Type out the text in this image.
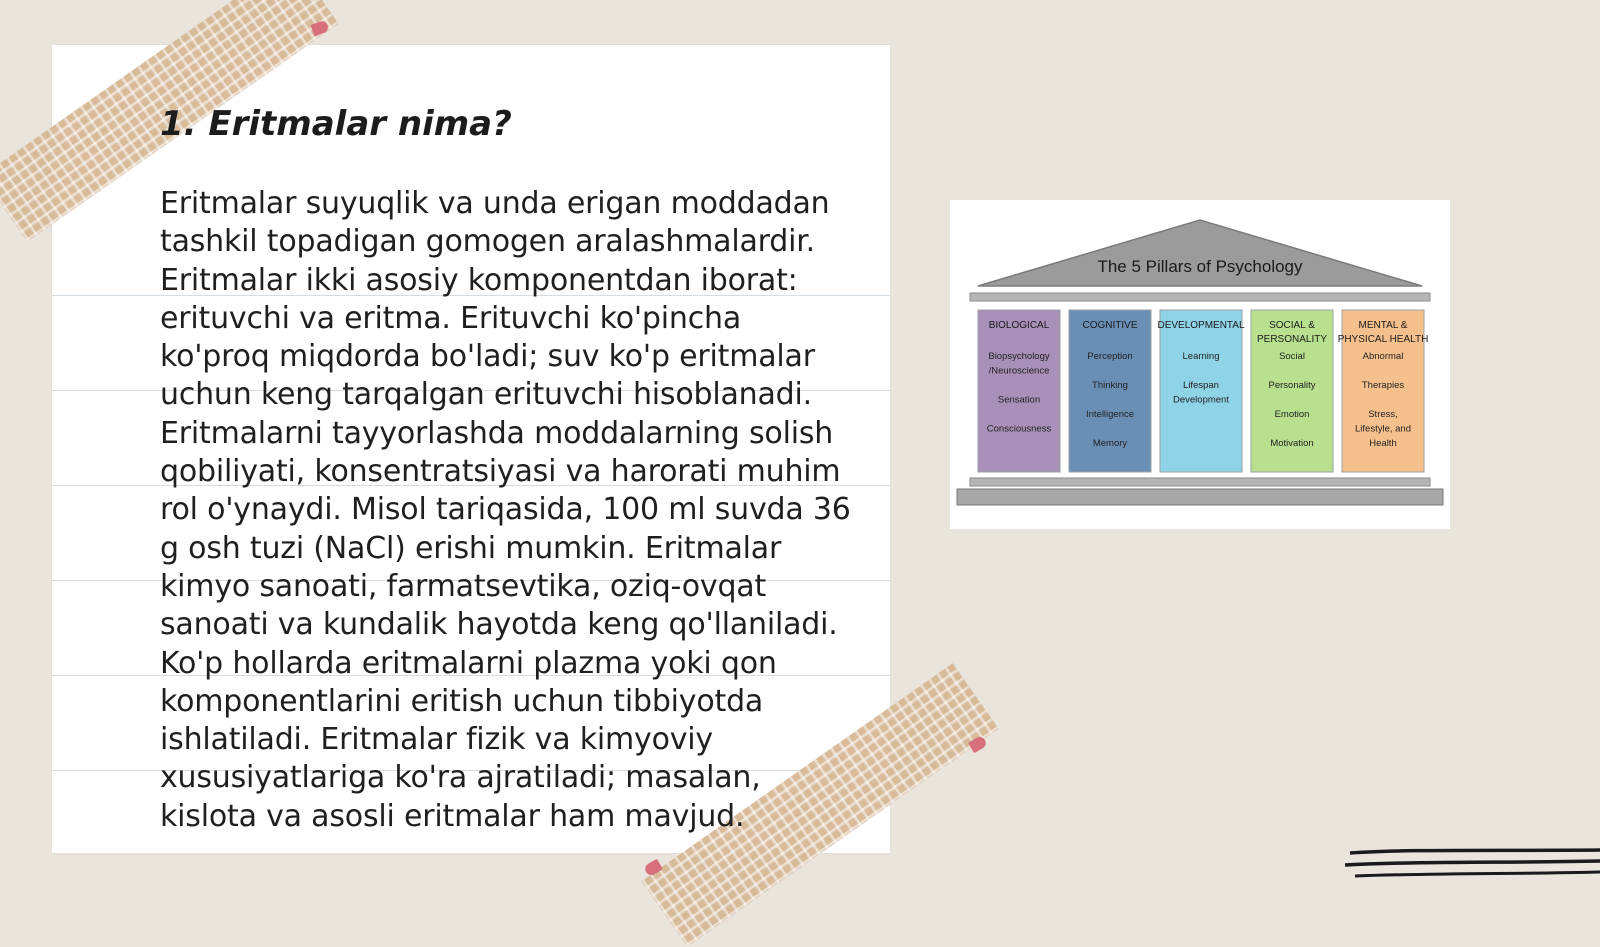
1. Eritmalar nima?

Eritmalar suyuqlik va unda erigan moddadan tashkil topadigan gomogen aralashmalardir. Eritmalar ikki asosiy komponentdan iborat: erituvchi va eritma. Erituvchi ko'pincha ko'proq miqdorda bo'ladi; suv ko'p eritmalar uchun keng tarqalgan erituvchi hisoblanadi. Eritmalarni tayyorlashda moddalarning solish qobiliyati, konsentratsiyasi va harorati muhim rol o'ynaydi. Misol tariqasida, 100 ml suvda 36 g osh tuzi (NaCl) erishi mumkin. Eritmalar kimyo sanoati, farmatsevtika, oziq-ovqat sanoati va kundalik hayotda keng qo'llaniladi. Ko'p hollarda eritmalarni plazma yoki qon komponentlarini eritish uchun tibbiyotda ishlatiladi. Eritmalar fizik va kimyoviy xususiyatlariga ko'ra ajratiladi; masalan, kislota va asosli eritmalar ham mavjud.

The 5 Pillars of Psychology
BIOLOGICAL
Biopsychology
/Neuroscience
Sensation
Consciousness
COGNITIVE
Perception
Thinking
Intelligence
Memory
DEVELOPMENTAL
Learning
Lifespan
Development
SOCIAL &
PERSONALITY
Social
Personality
Emotion
Motivation
MENTAL &
PHYSICAL HEALTH
Abnormal
Therapies
Stress,
Lifestyle, and
Health
